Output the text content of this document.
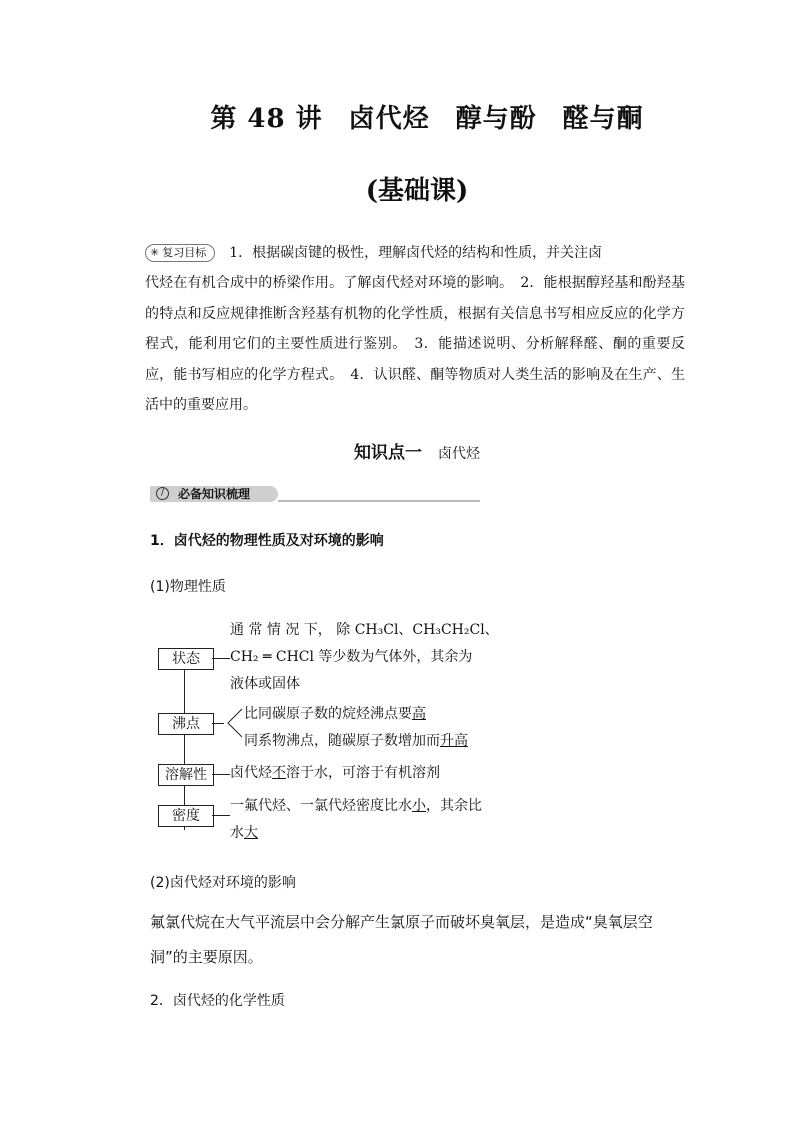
第 48 讲 卤代烃 醇与酚 醛与酮
(基础课)
✳ 复习目标 1．根据碳卤键的极性，理解卤代烃的结构和性质，并关注卤
代烃在有机合成中的桥梁作用。了解卤代烃对环境的影响。　2．能根据醇羟基和酚羟基的特点和反应规律推断含羟基有机物的化学性质，根据有关信息书写相应反应的化学方程式，能利用它们的主要性质进行鉴别。　3．能描述说明、分析解释醛、酮的重要反应，能书写相应的化学方程式。　4．认识醛、酮等物质对人类生活的影响及在生产、生活中的重要应用。
知识点一 卤代烃
必备知识梳理
/
1．卤代烃的物理性质及对环境的影响
(1)物理性质
状态
通 常 情 况 下， 除 CH₃Cl、CH₃CH₂Cl、
CH₂ ═ CHCl 等少数为气体外，其余为
液体或固体
沸点
比同碳原子数的烷烃沸点要高
同系物沸点，随碳原子数增加而升高
溶解性	卤代烃不溶于水，可溶于有机溶剂
密度
一氟代烃、一氯代烃密度比水小，其余比
水大
(2)卤代烃对环境的影响
氟氯代烷在大气平流层中会分解产生氯原子而破坏臭氧层，是造成“臭氧层空洞”的主要原因。
2．卤代烃的化学性质
